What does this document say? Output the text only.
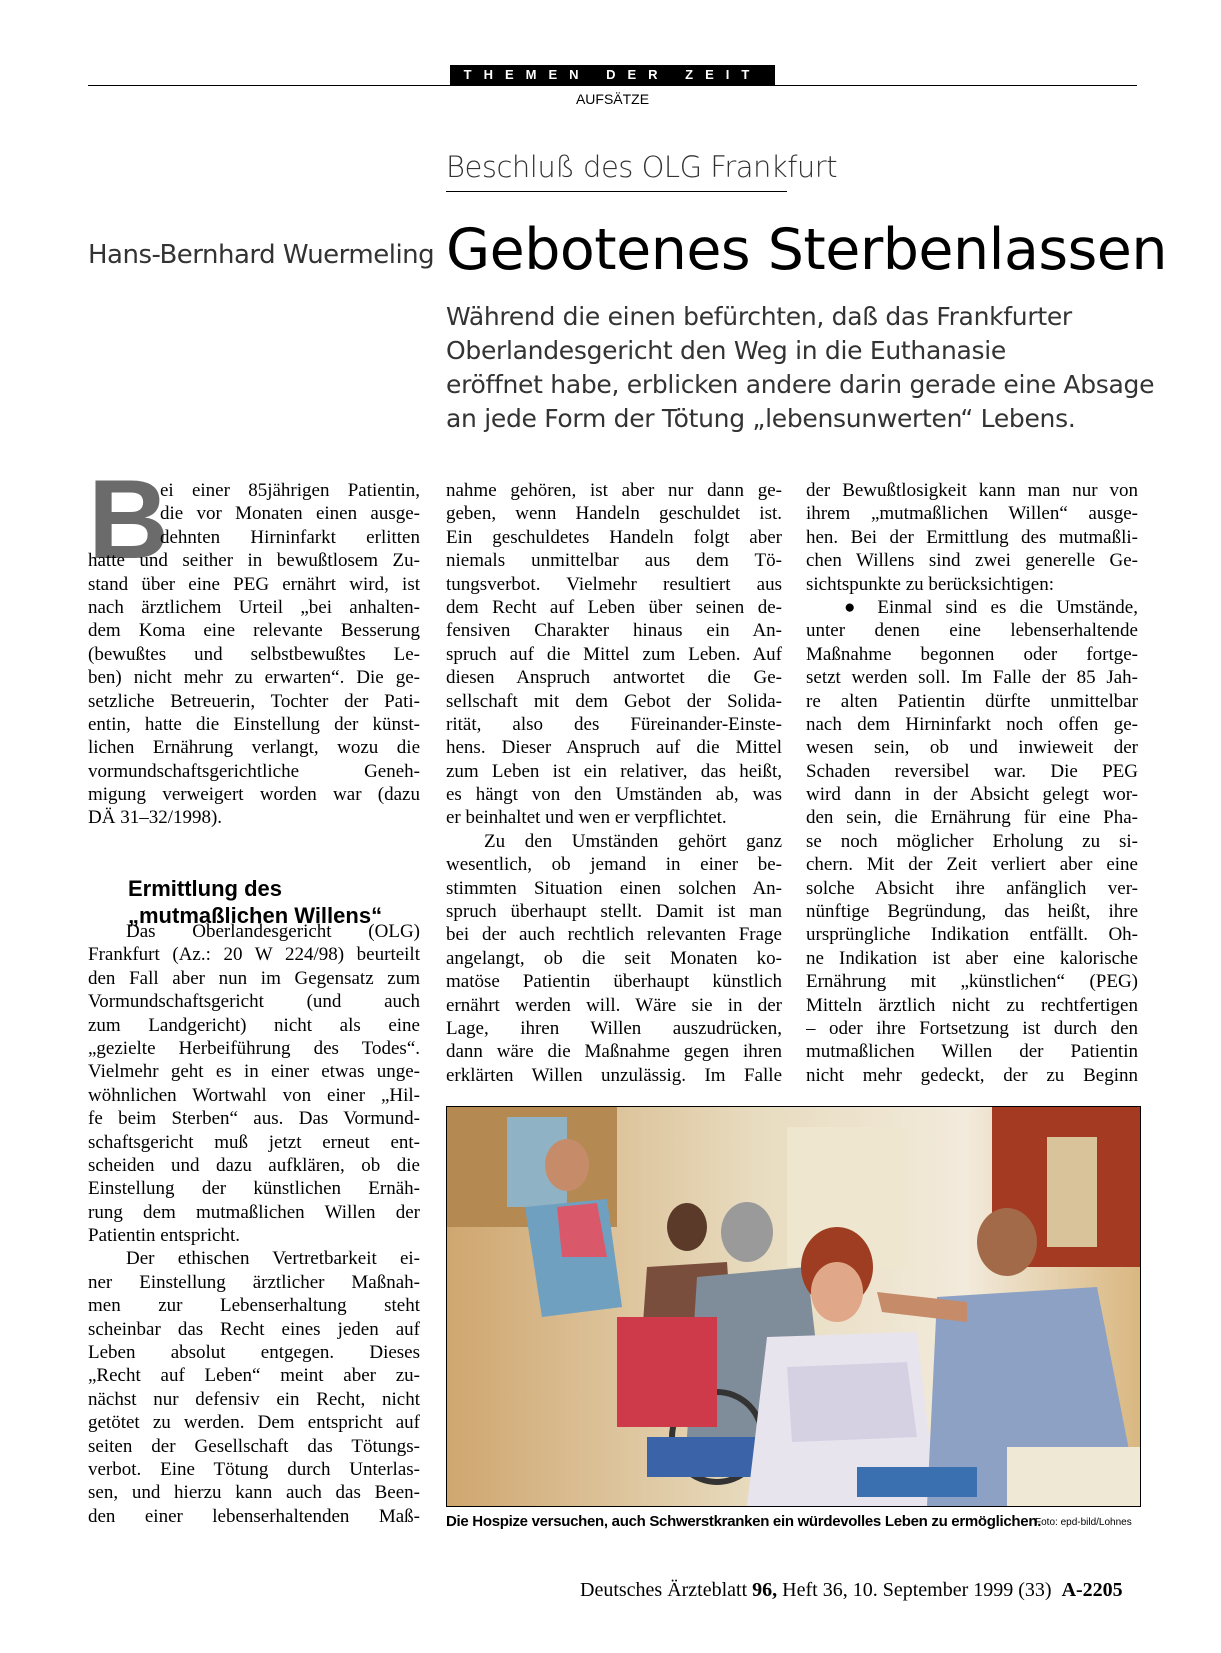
THEMEN DER ZEIT
AUFSÄTZE
Beschluß des OLG Frankfurt
Hans-Bernhard Wuermeling Gebotenes Sterbenlassen
Während die einen befürchten, daß das Frankfurter
Oberlandesgericht den Weg in die Euthanasie
eröffnet habe, erblicken andere darin gerade eine Absage
an jede Form der Tötung „lebensunwerten“ Lebens.
B
ei einer 85jährigen Patientin,
die vor Monaten einen ausge-
dehnten Hirninfarkt erlitten
hatte und seither in bewußtlosem Zu-
stand über eine PEG ernährt wird, ist
nach ärztlichem Urteil „bei anhalten-
dem Koma eine relevante Besserung
(bewußtes und selbstbewußtes Le-
ben) nicht mehr zu erwarten“. Die ge-
setzliche Betreuerin, Tochter der Pati-
entin, hatte die Einstellung der künst-
lichen Ernährung verlangt, wozu die
vormundschaftsgerichtliche Geneh-
migung verweigert worden war (dazu
DÄ 31–32/1998).
Ermittlung des
„mutmaßlichen Willens“
Das Oberlandesgericht (OLG)
Frankfurt (Az.: 20 W 224/98) beurteilt
den Fall aber nun im Gegensatz zum
Vormundschaftsgericht (und auch
zum Landgericht) nicht als eine
„gezielte Herbeiführung des Todes“.
Vielmehr geht es in einer etwas unge-
wöhnlichen Wortwahl von einer „Hil-
fe beim Sterben“ aus. Das Vormund-
schaftsgericht muß jetzt erneut ent-
scheiden und dazu aufklären, ob die
Einstellung der künstlichen Ernäh-
rung dem mutmaßlichen Willen der
Patientin entspricht.
Der ethischen Vertretbarkeit ei-
ner Einstellung ärztlicher Maßnah-
men zur Lebenserhaltung steht
scheinbar das Recht eines jeden auf
Leben absolut entgegen. Dieses
„Recht auf Leben“ meint aber zu-
nächst nur defensiv ein Recht, nicht
getötet zu werden. Dem entspricht auf
seiten der Gesellschaft das Tötungs-
verbot. Eine Tötung durch Unterlas-
sen, und hierzu kann auch das Been-
den einer lebenserhaltenden Maß-
nahme gehören, ist aber nur dann ge-
geben, wenn Handeln geschuldet ist.
Ein geschuldetes Handeln folgt aber
niemals unmittelbar aus dem Tö-
tungsverbot. Vielmehr resultiert aus
dem Recht auf Leben über seinen de-
fensiven Charakter hinaus ein An-
spruch auf die Mittel zum Leben. Auf
diesen Anspruch antwortet die Ge-
sellschaft mit dem Gebot der Solida-
rität, also des Füreinander-Einste-
hens. Dieser Anspruch auf die Mittel
zum Leben ist ein relativer, das heißt,
es hängt von den Umständen ab, was
er beinhaltet und wen er verpflichtet.
Zu den Umständen gehört ganz
wesentlich, ob jemand in einer be-
stimmten Situation einen solchen An-
spruch überhaupt stellt. Damit ist man
bei der auch rechtlich relevanten Frage
angelangt, ob die seit Monaten ko-
matöse Patientin überhaupt künstlich
ernährt werden will. Wäre sie in der
Lage, ihren Willen auszudrücken,
dann wäre die Maßnahme gegen ihren
erklärten Willen unzulässig. Im Falle
der Bewußtlosigkeit kann man nur von
ihrem „mutmaßlichen Willen“ ausge-
hen. Bei der Ermittlung des mutmaßli-
chen Willens sind zwei generelle Ge-
sichtspunkte zu berücksichtigen:
● Einmal sind es die Umstände,
unter denen eine lebenserhaltende
Maßnahme begonnen oder fortge-
setzt werden soll. Im Falle der 85 Jah-
re alten Patientin dürfte unmittelbar
nach dem Hirninfarkt noch offen ge-
wesen sein, ob und inwieweit der
Schaden reversibel war. Die PEG
wird dann in der Absicht gelegt wor-
den sein, die Ernährung für eine Pha-
se noch möglicher Erholung zu si-
chern. Mit der Zeit verliert aber eine
solche Absicht ihre anfänglich ver-
nünftige Begründung, das heißt, ihre
ursprüngliche Indikation entfällt. Oh-
ne Indikation ist aber eine kalorische
Ernährung mit „künstlichen“ (PEG)
Mitteln ärztlich nicht zu rechtfertigen
– oder ihre Fortsetzung ist durch den
mutmaßlichen Willen der Patientin
nicht mehr gedeckt, der zu Beginn
Die Hospize versuchen, auch Schwerstkranken ein würdevolles Leben zu ermöglichen.
Foto: epd-bild/Lohnes
Deutsches Ärzteblatt 96, Heft 36, 10. September 1999 (33) A-2205
